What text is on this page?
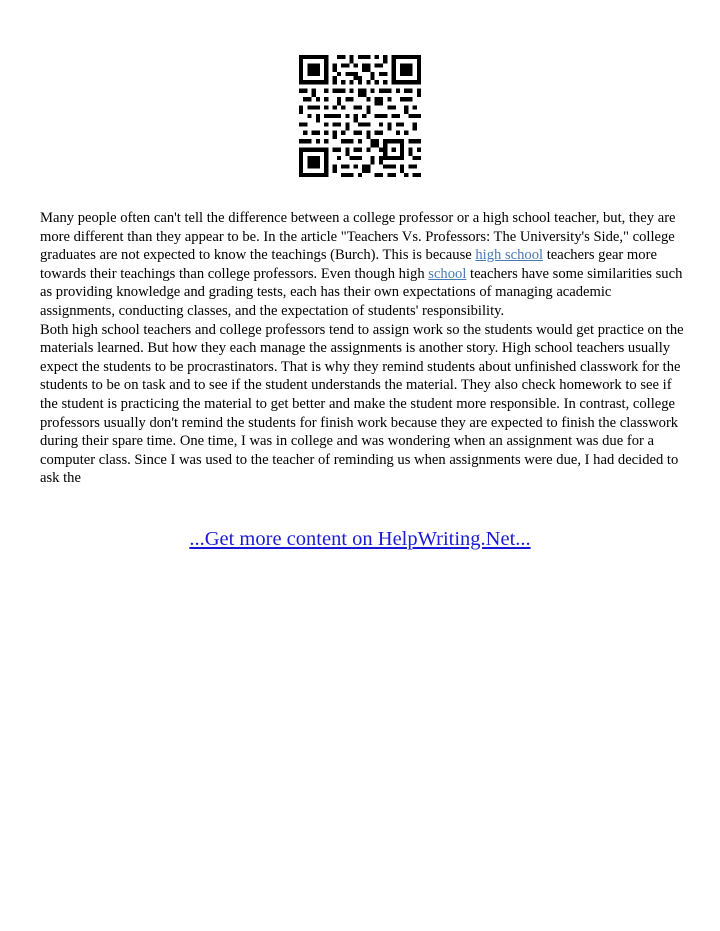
Many people often can't tell the difference between a college professor or a high school teacher, but, they are more different than they appear to be. In the article "Teachers Vs. Professors: The University's Side," college graduates are not expected to know the teachings (Burch). This is because high school teachers gear more towards their teachings than college professors. Even though high school teachers have some similarities such as providing knowledge and grading tests, each has their own expectations of managing academic assignments, conducting classes, and the expectation of students' responsibility.

Both high school teachers and college professors tend to assign work so the students would get practice on the materials learned. But how they each manage the assignments is another story. High school teachers usually expect the students to be procrastinators. That is why they remind students about unfinished classwork for the students to be on task and to see if the student understands the material. They also check homework to see if the student is practicing the material to get better and make the student more responsible. In contrast, college professors usually don't remind the students for finish work because they are expected to finish the classwork during their spare time. One time, I was in college and was wondering when an assignment was due for a computer class. Since I was used to the teacher of reminding us when assignments were due, I had decided to ask the

...Get more content on HelpWriting.Net...
